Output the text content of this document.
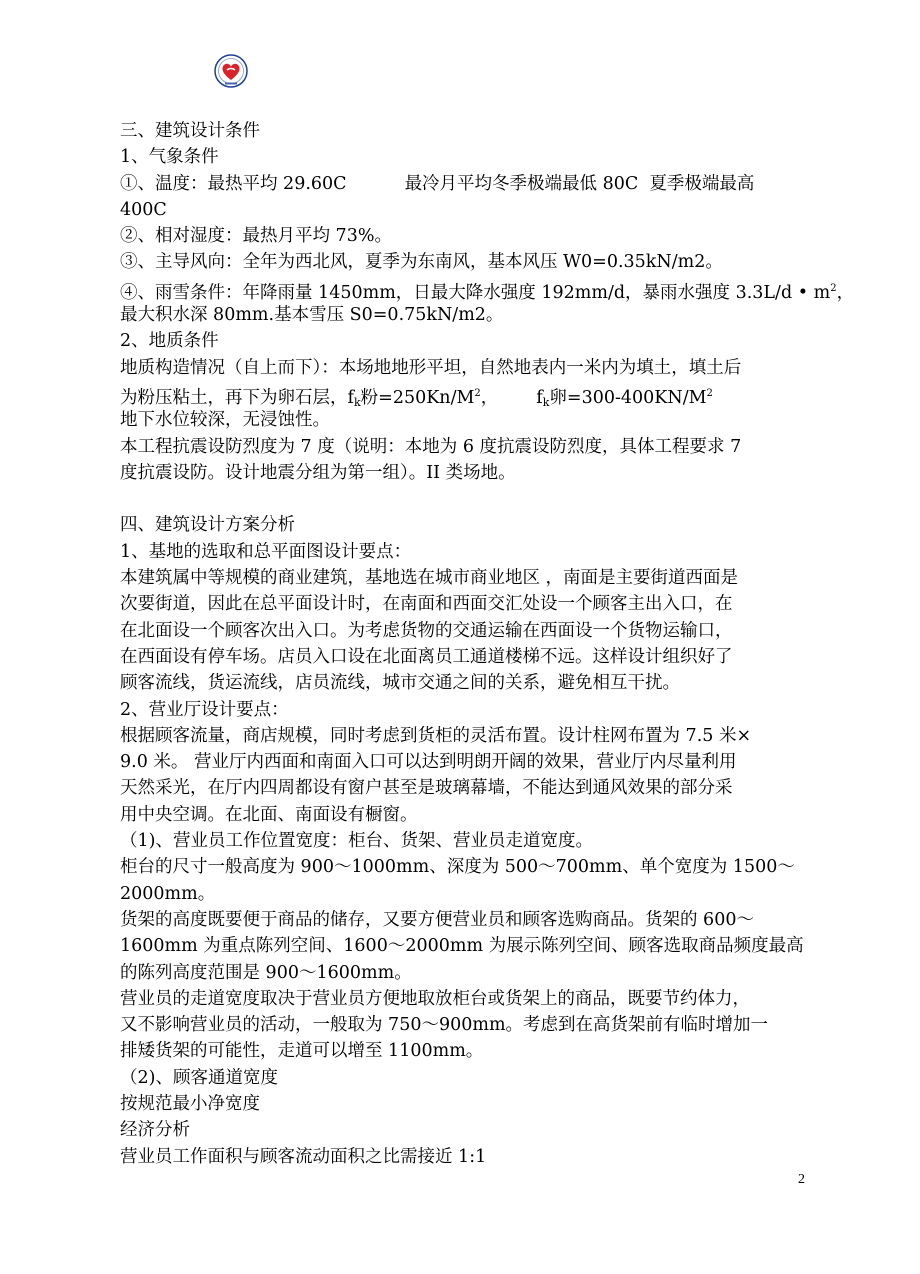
三、建筑设计条件
1、气象条件
①、温度：最热平均 29.60C	最冷月平均冬季极端最低 80C 夏季极端最高
400C
②、相对湿度：最热月平均 73%。
③、主导风向：全年为西北风，夏季为东南风，基本风压 W0=0.35kN/m2。
④、雨雪条件：年降雨量 1450mm，日最大降水强度 192mm/d，暴雨水强度 3.3L/d • $m^2$，
最大积水深 80mm.基本雪压 S0=0.75kN/m2。
2、地质条件
地质构造情况（自上而下）：本场地地形平坦，自然地表内一米内为填土，填土后
为粉压粘土，再下为卵石层，$f_k$粉$=250Kn/M^2$， $f_k$卵$=300-400KN/M^2$
地下水位较深，无浸蚀性。
本工程抗震设防烈度为 7 度（说明：本地为 6 度抗震设防烈度，具体工程要求 7
度抗震设防。设计地震分组为第一组）。II 类场地。
四、建筑设计方案分析
1、基地的选取和总平面图设计要点：
本建筑属中等规模的商业建筑，基地选在城市商业地区 ，南面是主要街道西面是
次要街道，因此在总平面设计时，在南面和西面交汇处设一个顾客主出入口，在
在北面设一个顾客次出入口。为考虑货物的交通运输在西面设一个货物运输口，
在西面设有停车场。店员入口设在北面离员工通道楼梯不远。这样设计组织好了
顾客流线，货运流线，店员流线，城市交通之间的关系，避免相互干扰。
2、营业厅设计要点：
根据顾客流量，商店规模，同时考虑到货柜的灵活布置。设计柱网布置为 7.5 米×
9.0 米。 营业厅内西面和南面入口可以达到明朗开阔的效果，营业厅内尽量利用
天然采光，在厅内四周都设有窗户甚至是玻璃幕墙，不能达到通风效果的部分采
用中央空调。在北面、南面设有橱窗。
（1)、营业员工作位置宽度：柜台、货架、营业员走道宽度。
柜台的尺寸一般高度为 900～1000mm、深度为 500～700mm、单个宽度为 1500～
2000mm。
货架的高度既要便于商品的储存，又要方便营业员和顾客选购商品。货架的 600～
1600mm 为重点陈列空间、1600～2000mm 为展示陈列空间、顾客选取商品频度最高
的陈列高度范围是 900～1600mm。
营业员的走道宽度取决于营业员方便地取放柜台或货架上的商品，既要节约体力，
又不影响营业员的活动，一般取为 750～900mm。考虑到在高货架前有临时增加一
排矮货架的可能性，走道可以增至 1100mm。
（2)、顾客通道宽度
按规范最小净宽度
经济分析
营业员工作面积与顾客流动面积之比需接近 1:1
2
